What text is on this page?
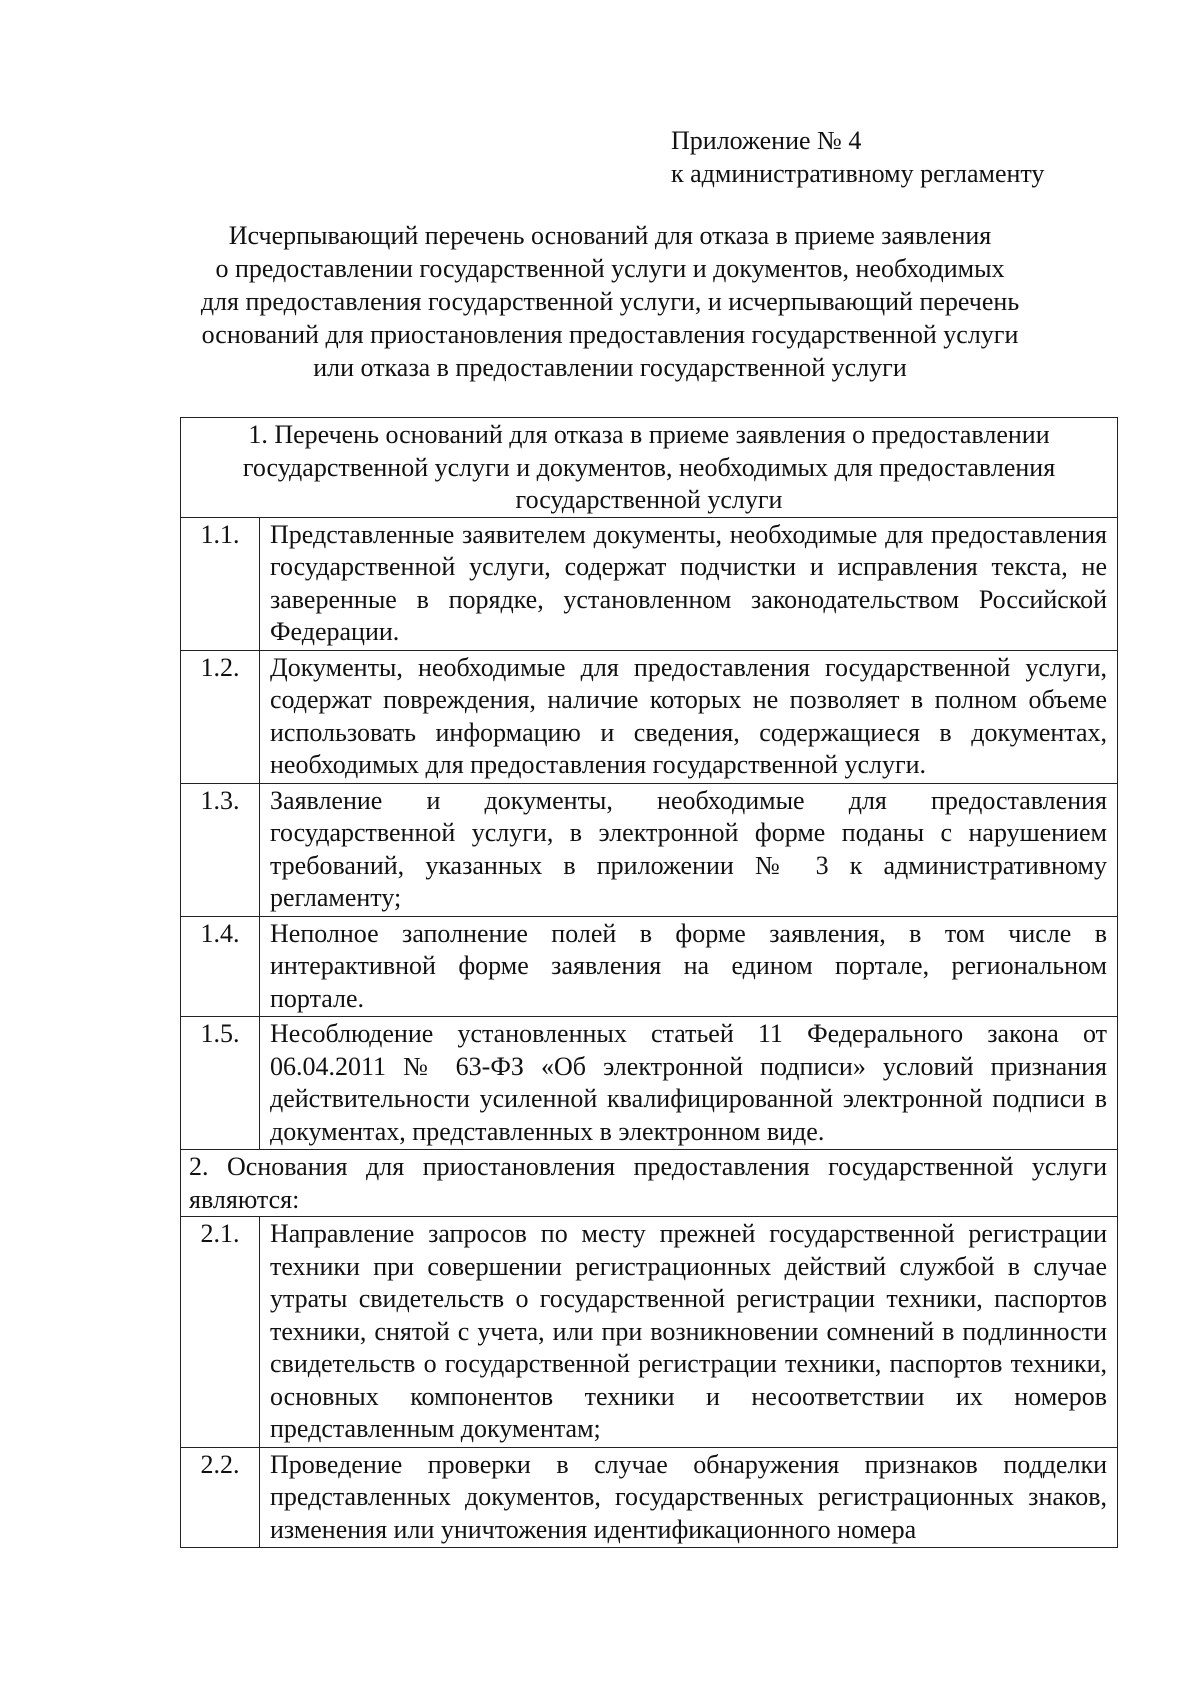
Приложение № 4
к административному регламенту
Исчерпывающий перечень оснований для отказа в приеме заявления
о предоставлении государственной услуги и документов, необходимых
для предоставления государственной услуги, и исчерпывающий перечень
оснований для приостановления предоставления государственной услуги
или отказа в предоставлении государственной услуги
1. Перечень оснований для отказа в приеме заявления о предоставлении государственной услуги и документов, необходимых для предоставления государственной услуги	
1.1.	Представленные заявителем документы, необходимые для предоставления государственной услуги, содержат подчистки и исправления текста, не заверенные в порядке, установленном законодательством Российской Федерации.
1.2.	Документы, необходимые для предоставления государственной услуги, содержат повреждения, наличие которых не позволяет в полном объеме использовать информацию и сведения, содержащиеся в документах, необходимых для предоставления государственной услуги.
1.3.	Заявление и документы, необходимые для предоставления государственной услуги, в электронной форме поданы с нарушением требований, указанных в приложении № 3 к административному регламенту;
1.4.	Неполное заполнение полей в форме заявления, в том числе в интерактивной форме заявления на едином портале, региональном портале.
1.5.	Несоблюдение установленных статьей 11 Федерального закона от 06.04.2011 № 63-ФЗ «Об электронной подписи» условий признания действительности усиленной квалифицированной электронной подписи в документах, представленных в электронном виде.
2. Основания для приостановления предоставления государственной услуги являются:	
2.1.	Направление запросов по месту прежней государственной регистрации техники при совершении регистрационных действий службой в случае утраты свидетельств о государственной регистрации техники, паспортов техники, снятой с учета, или при возникновении сомнений в подлинности свидетельств о государственной регистрации техники, паспортов техники, основных компонентов техники и несоответствии их номеров представленным документам;
2.2.	Проведение проверки в случае обнаружения признаков подделки представленных документов, государственных регистрационных знаков, изменения или уничтожения идентификационного номера
